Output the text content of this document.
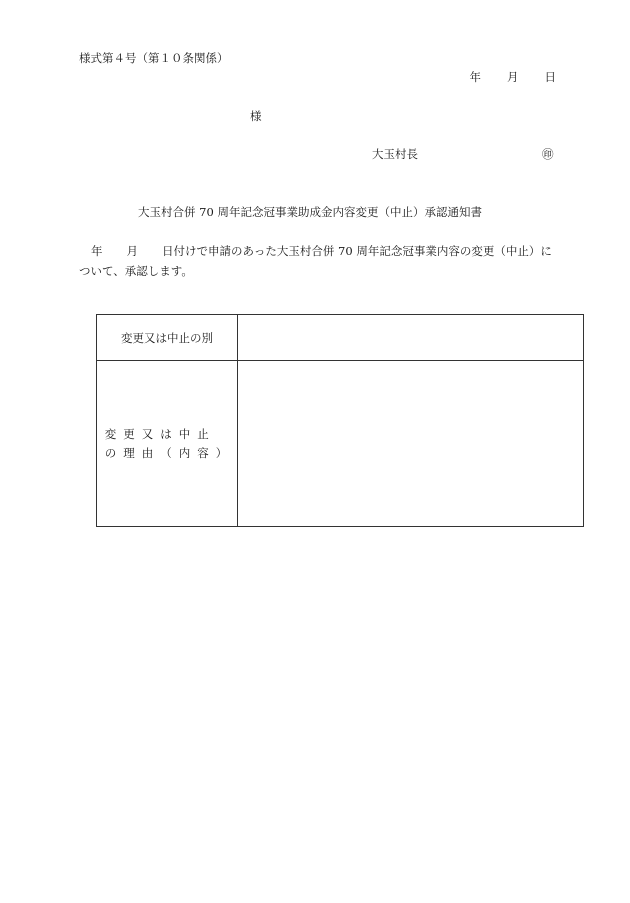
様式第４号（第１０条関係）
年 月 日
様
大玉村長	㊞
大玉村合併 70 周年記念冠事業助成金内容変更（中止）承認通知書
年 月 日付けで申請のあった大玉村合併 70 周年記念冠事業内容の変更（中止）について、承認します。
変更又は中止の別	
変更又は中止
の理由（内容）	
